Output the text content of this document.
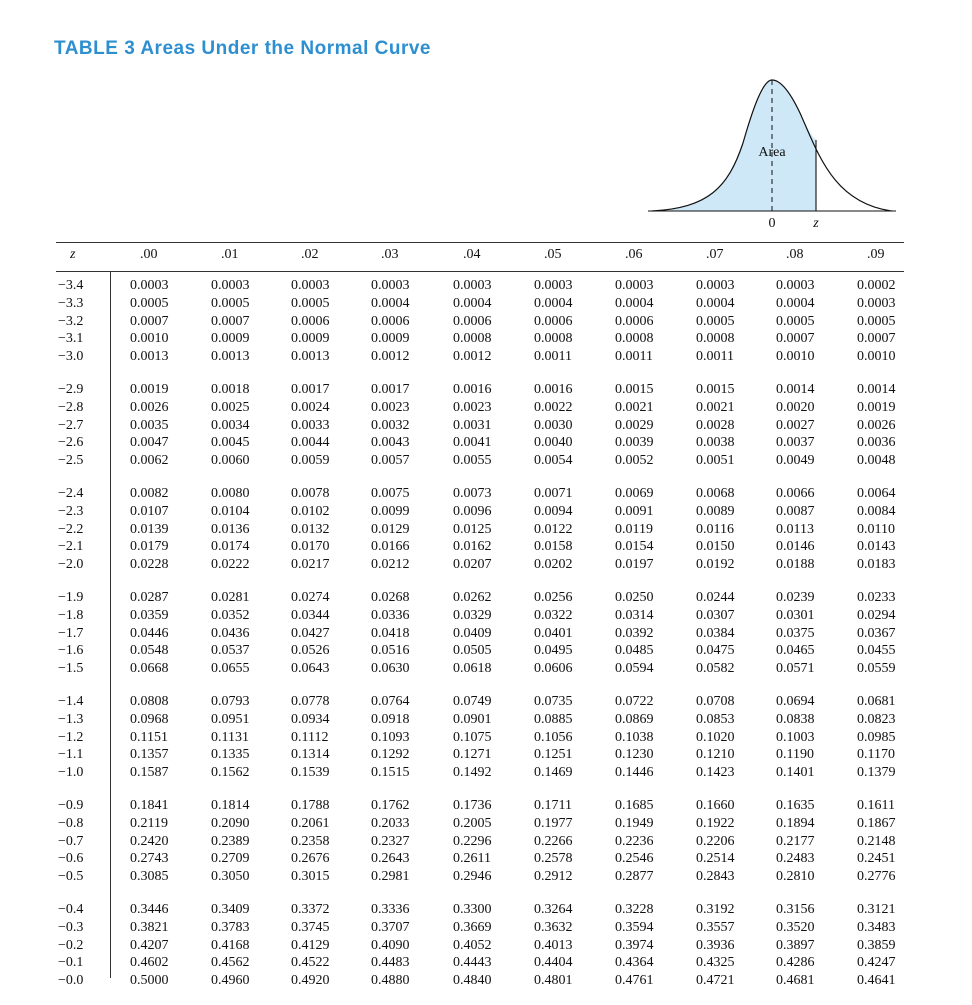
TABLE 3 Areas Under the Normal Curve
Area
0	z
z	.00	.01	.02	.03	.04	.05	.06	.07	.08	.09
−3.4	0.0003	0.0003	0.0003	0.0003	0.0003	0.0003	0.0003	0.0003	0.0003	0.0002
−3.3	0.0005	0.0005	0.0005	0.0004	0.0004	0.0004	0.0004	0.0004	0.0004	0.0003
−3.2	0.0007	0.0007	0.0006	0.0006	0.0006	0.0006	0.0006	0.0005	0.0005	0.0005
−3.1	0.0010	0.0009	0.0009	0.0009	0.0008	0.0008	0.0008	0.0008	0.0007	0.0007
−3.0	0.0013	0.0013	0.0013	0.0012	0.0012	0.0011	0.0011	0.0011	0.0010	0.0010
−2.9	0.0019	0.0018	0.0017	0.0017	0.0016	0.0016	0.0015	0.0015	0.0014	0.0014
−2.8	0.0026	0.0025	0.0024	0.0023	0.0023	0.0022	0.0021	0.0021	0.0020	0.0019
−2.7	0.0035	0.0034	0.0033	0.0032	0.0031	0.0030	0.0029	0.0028	0.0027	0.0026
−2.6	0.0047	0.0045	0.0044	0.0043	0.0041	0.0040	0.0039	0.0038	0.0037	0.0036
−2.5	0.0062	0.0060	0.0059	0.0057	0.0055	0.0054	0.0052	0.0051	0.0049	0.0048
−2.4	0.0082	0.0080	0.0078	0.0075	0.0073	0.0071	0.0069	0.0068	0.0066	0.0064
−2.3	0.0107	0.0104	0.0102	0.0099	0.0096	0.0094	0.0091	0.0089	0.0087	0.0084
−2.2	0.0139	0.0136	0.0132	0.0129	0.0125	0.0122	0.0119	0.0116	0.0113	0.0110
−2.1	0.0179	0.0174	0.0170	0.0166	0.0162	0.0158	0.0154	0.0150	0.0146	0.0143
−2.0	0.0228	0.0222	0.0217	0.0212	0.0207	0.0202	0.0197	0.0192	0.0188	0.0183
−1.9	0.0287	0.0281	0.0274	0.0268	0.0262	0.0256	0.0250	0.0244	0.0239	0.0233
−1.8	0.0359	0.0352	0.0344	0.0336	0.0329	0.0322	0.0314	0.0307	0.0301	0.0294
−1.7	0.0446	0.0436	0.0427	0.0418	0.0409	0.0401	0.0392	0.0384	0.0375	0.0367
−1.6	0.0548	0.0537	0.0526	0.0516	0.0505	0.0495	0.0485	0.0475	0.0465	0.0455
−1.5	0.0668	0.0655	0.0643	0.0630	0.0618	0.0606	0.0594	0.0582	0.0571	0.0559
−1.4	0.0808	0.0793	0.0778	0.0764	0.0749	0.0735	0.0722	0.0708	0.0694	0.0681
−1.3	0.0968	0.0951	0.0934	0.0918	0.0901	0.0885	0.0869	0.0853	0.0838	0.0823
−1.2	0.1151	0.1131	0.1112	0.1093	0.1075	0.1056	0.1038	0.1020	0.1003	0.0985
−1.1	0.1357	0.1335	0.1314	0.1292	0.1271	0.1251	0.1230	0.1210	0.1190	0.1170
−1.0	0.1587	0.1562	0.1539	0.1515	0.1492	0.1469	0.1446	0.1423	0.1401	0.1379
−0.9	0.1841	0.1814	0.1788	0.1762	0.1736	0.1711	0.1685	0.1660	0.1635	0.1611
−0.8	0.2119	0.2090	0.2061	0.2033	0.2005	0.1977	0.1949	0.1922	0.1894	0.1867
−0.7	0.2420	0.2389	0.2358	0.2327	0.2296	0.2266	0.2236	0.2206	0.2177	0.2148
−0.6	0.2743	0.2709	0.2676	0.2643	0.2611	0.2578	0.2546	0.2514	0.2483	0.2451
−0.5	0.3085	0.3050	0.3015	0.2981	0.2946	0.2912	0.2877	0.2843	0.2810	0.2776
−0.4	0.3446	0.3409	0.3372	0.3336	0.3300	0.3264	0.3228	0.3192	0.3156	0.3121
−0.3	0.3821	0.3783	0.3745	0.3707	0.3669	0.3632	0.3594	0.3557	0.3520	0.3483
−0.2	0.4207	0.4168	0.4129	0.4090	0.4052	0.4013	0.3974	0.3936	0.3897	0.3859
−0.1	0.4602	0.4562	0.4522	0.4483	0.4443	0.4404	0.4364	0.4325	0.4286	0.4247
−0.0	0.5000	0.4960	0.4920	0.4880	0.4840	0.4801	0.4761	0.4721	0.4681	0.4641
